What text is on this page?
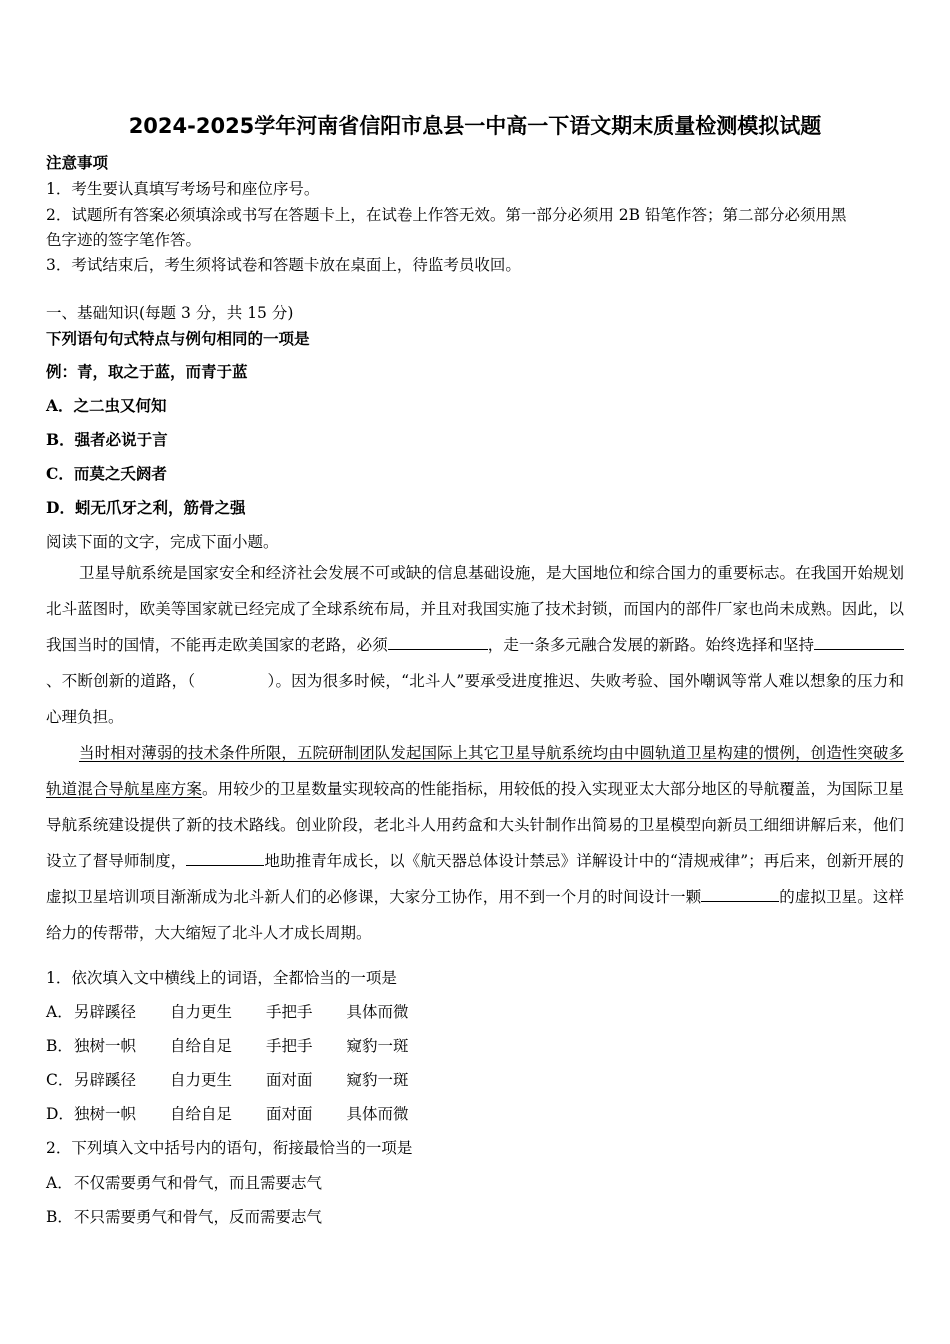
2024-2025学年河南省信阳市息县一中高一下语文期末质量检测模拟试题
注意事项
1．考生要认真填写考场号和座位序号。
2．试题所有答案必须填涂或书写在答题卡上，在试卷上作答无效。第一部分必须用 2B 铅笔作答；第二部分必须用黑
色字迹的签字笔作答。
3．考试结束后，考生须将试卷和答题卡放在桌面上，待监考员收回。
一、基础知识(每题 3 分，共 15 分)
下列语句句式特点与例句相同的一项是
例：青，取之于蓝，而青于蓝
A．之二虫又何知
B．强者必说于言
C．而莫之夭阏者
D．蚓无爪牙之利，筋骨之强
阅读下面的文字，完成下面小题。

卫星导航系统是国家安全和经济社会发展不可或缺的信息基础设施，是大国地位和综合国力的重要标志。在我国开始规划北斗蓝图时，欧美等国家就已经完成了全球系统布局，并且对我国实施了技术封锁，而国内的部件厂家也尚未成熟。因此，以我国当时的国情，不能再走欧美国家的老路，必须	，走一条多元融合发展的新路。始终选择和坚持、不断创新的道路，（	）。因为很多时候，“北斗人”要承受进度推迟、失败考验、国外嘲讽等常人难以想象的压力和心理负担。

当时相对薄弱的技术条件所限，五院研制团队发起国际上其它卫星导航系统均由中圆轨道卫星构建的惯例，创造性突破多轨道混合导航星座方案。用较少的卫星数量实现较高的性能指标，用较低的投入实现亚太大部分地区的导航覆盖，为国际卫星导航系统建设提供了新的技术路线。创业阶段，老北斗人用药盒和大头针制作出简易的卫星模型向新员工细细讲解后来，他们设立了督导师制度，	地助推青年成长，以《航天器总体设计禁忌》详解设计中的“清规戒律”；再后来，创新开展的虚拟卫星培训项目渐渐成为北斗新人们的必修课，大家分工协作，用不到一个月的时间设计一颗	的虚拟卫星。这样给力的传帮带，大大缩短了北斗人才成长周期。

1．依次填入文中横线上的词语，全都恰当的一项是
A．另辟蹊径 自力更生 手把手 具体而微
B．独树一帜 自给自足 手把手 窥豹一斑
C．另辟蹊径 自力更生 面对面 窥豹一斑
D．独树一帜 自给自足 面对面 具体而微
2．下列填入文中括号内的语句，衔接最恰当的一项是
A．不仅需要勇气和骨气，而且需要志气
B．不只需要勇气和骨气，反而需要志气
